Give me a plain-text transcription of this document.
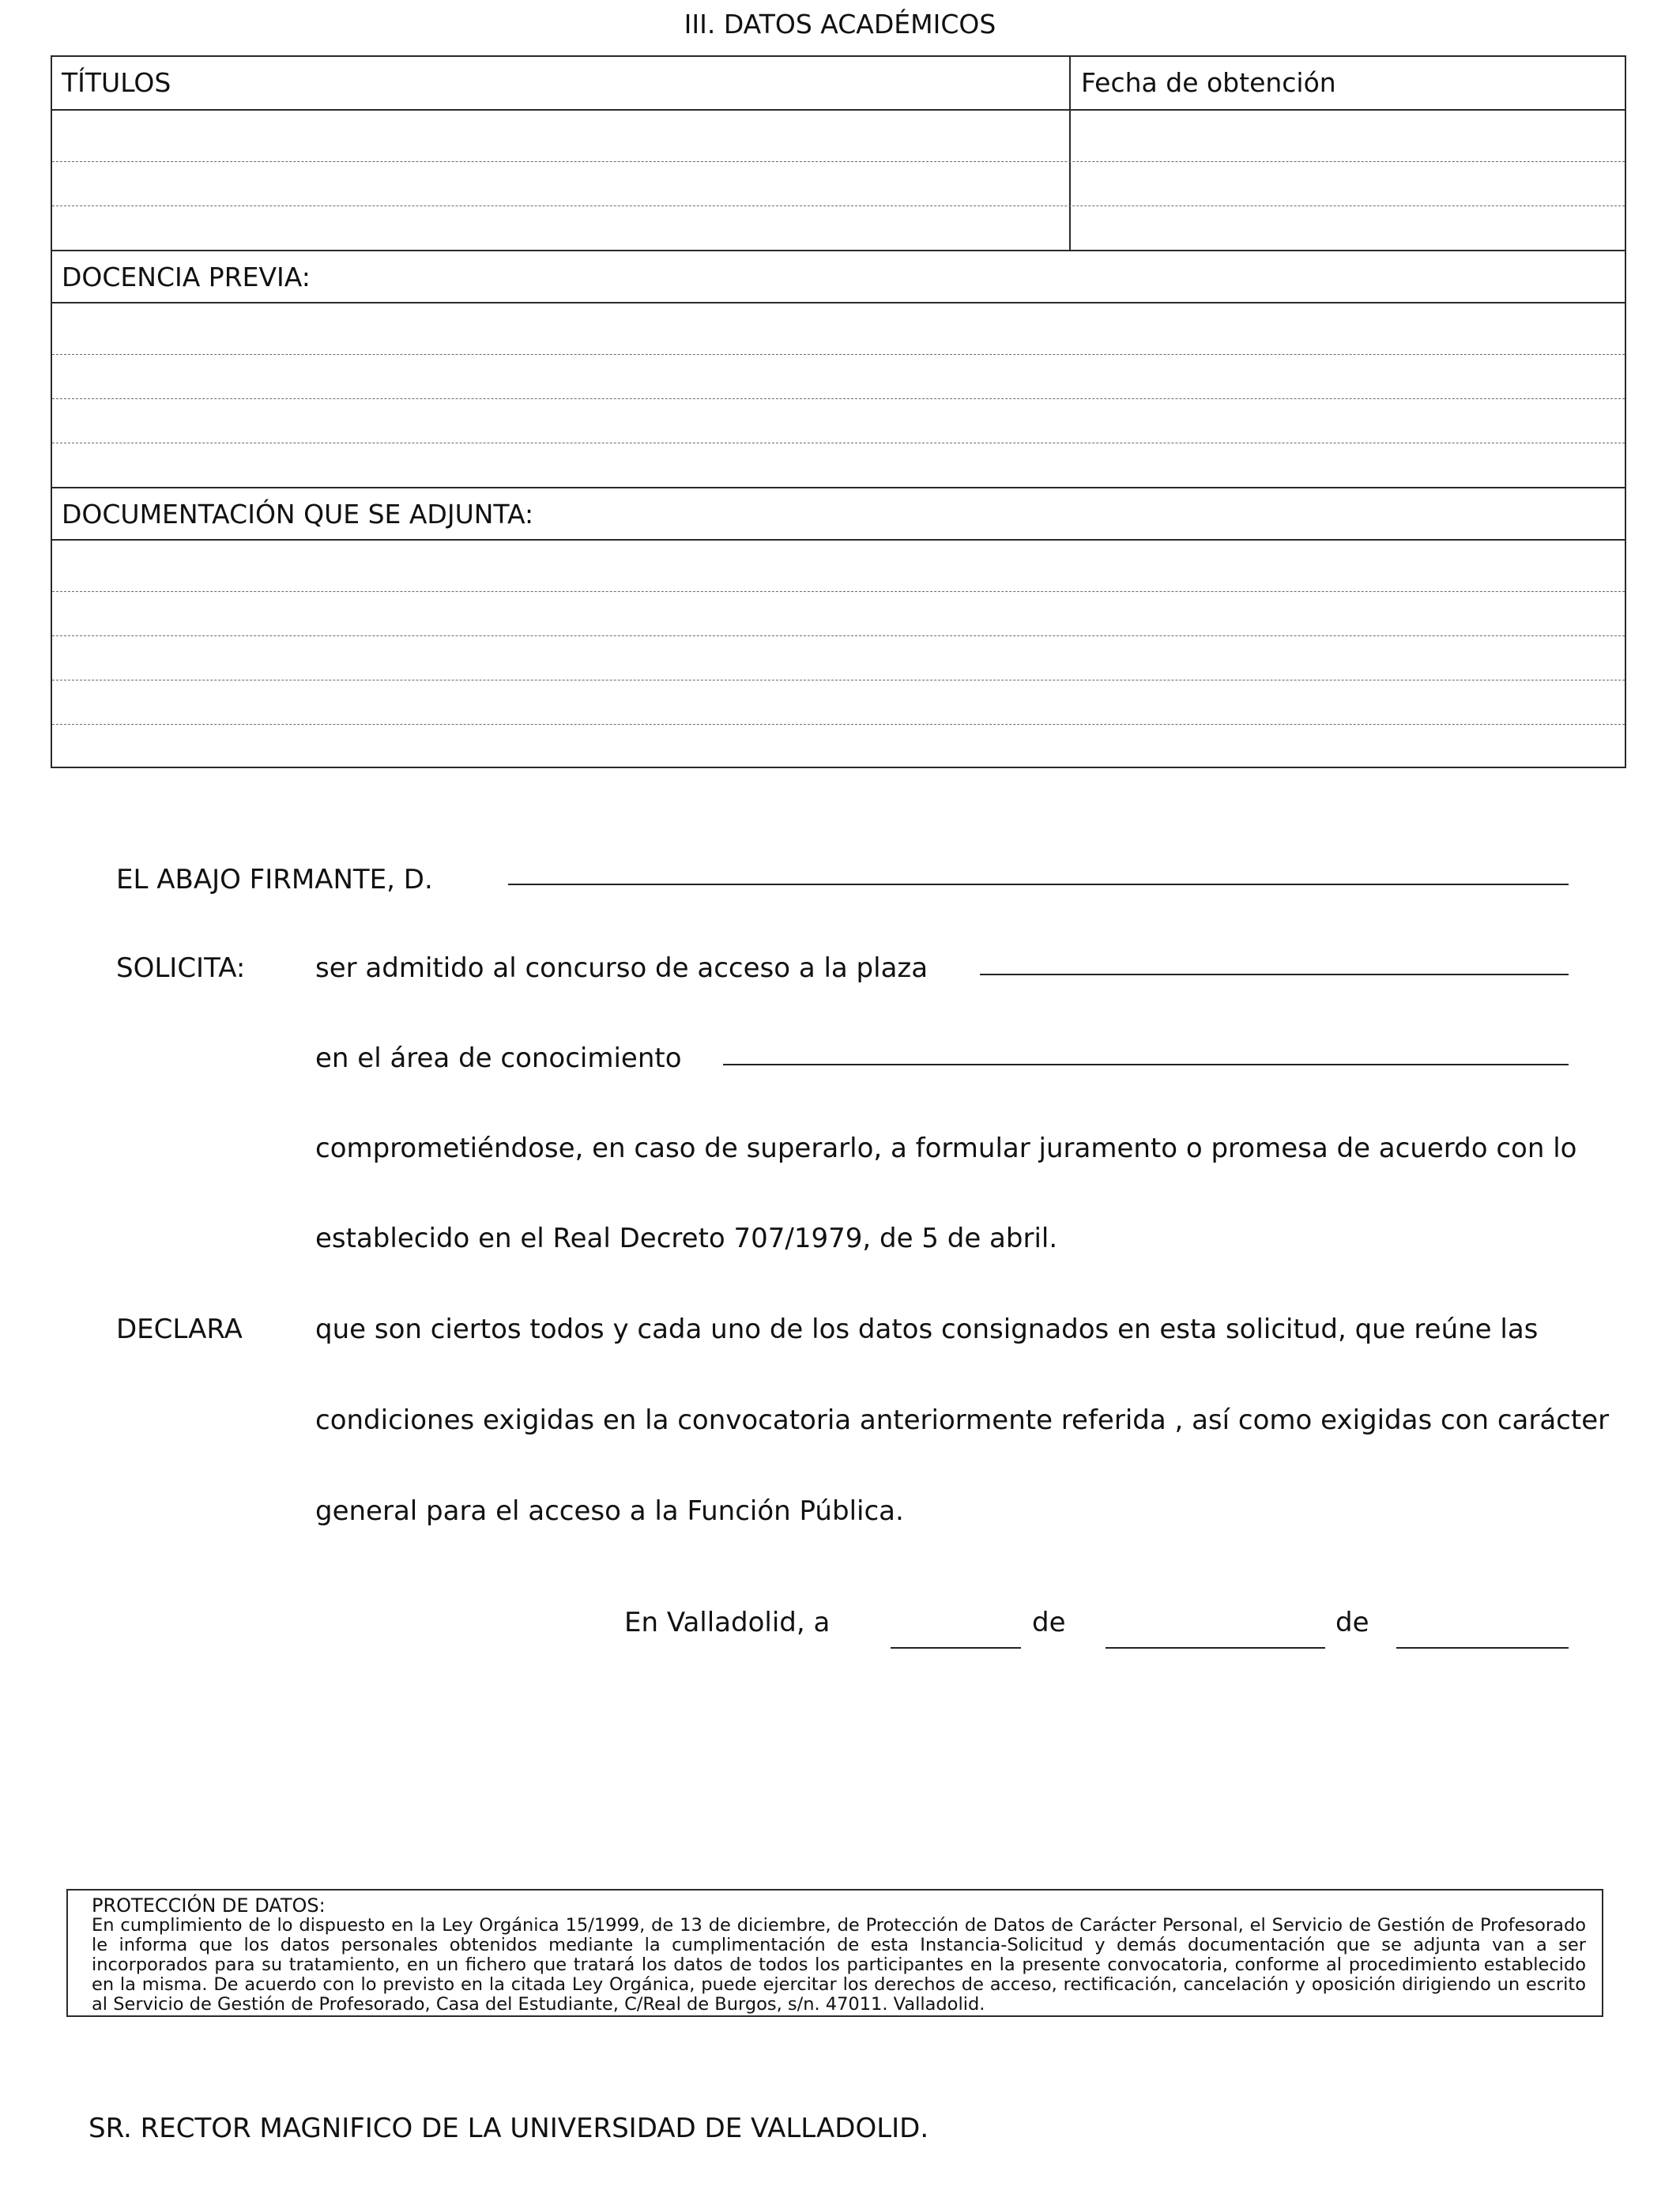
III. DATOS ACADÉMICOS
TÍTULOS	Fecha de obtención
DOCENCIA PREVIA:
DOCUMENTACIÓN QUE SE ADJUNTA:
EL ABAJO FIRMANTE, D.
SOLICITA:	ser admitido al concurso de acceso a la plaza
en el área de conocimiento
comprometiéndose, en caso de superarlo, a formular juramento o promesa de acuerdo con lo
establecido en el Real Decreto 707/1979, de 5 de abril.
DECLARA	que son ciertos todos y cada uno de los datos consignados en esta solicitud, que reúne las
condiciones exigidas en la convocatoria anteriormente referida , así como exigidas con carácter
general para el acceso a la Función Pública.
En Valladolid, a	de	de
PROTECCIÓN DE DATOS:
En cumplimiento de lo dispuesto en la Ley Orgánica 15/1999, de 13 de diciembre, de Protección de Datos de Carácter Personal, el Servicio de Gestión de Profesorado le informa que los datos personales obtenidos mediante la cumplimentación de esta Instancia-Solicitud y demás documentación que se adjunta van a ser incorporados para su tratamiento, en un fichero que tratará los datos de todos los participantes en la presente convocatoria, conforme al procedimiento establecido en la misma. De acuerdo con lo previsto en la citada Ley Orgánica, puede ejercitar los derechos de acceso, rectificación, cancelación y oposición dirigiendo un escrito al Servicio de Gestión de Profesorado, Casa del Estudiante, C/Real de Burgos, s/n. 47011. Valladolid.
SR. RECTOR MAGNIFICO DE LA UNIVERSIDAD DE VALLADOLID.
